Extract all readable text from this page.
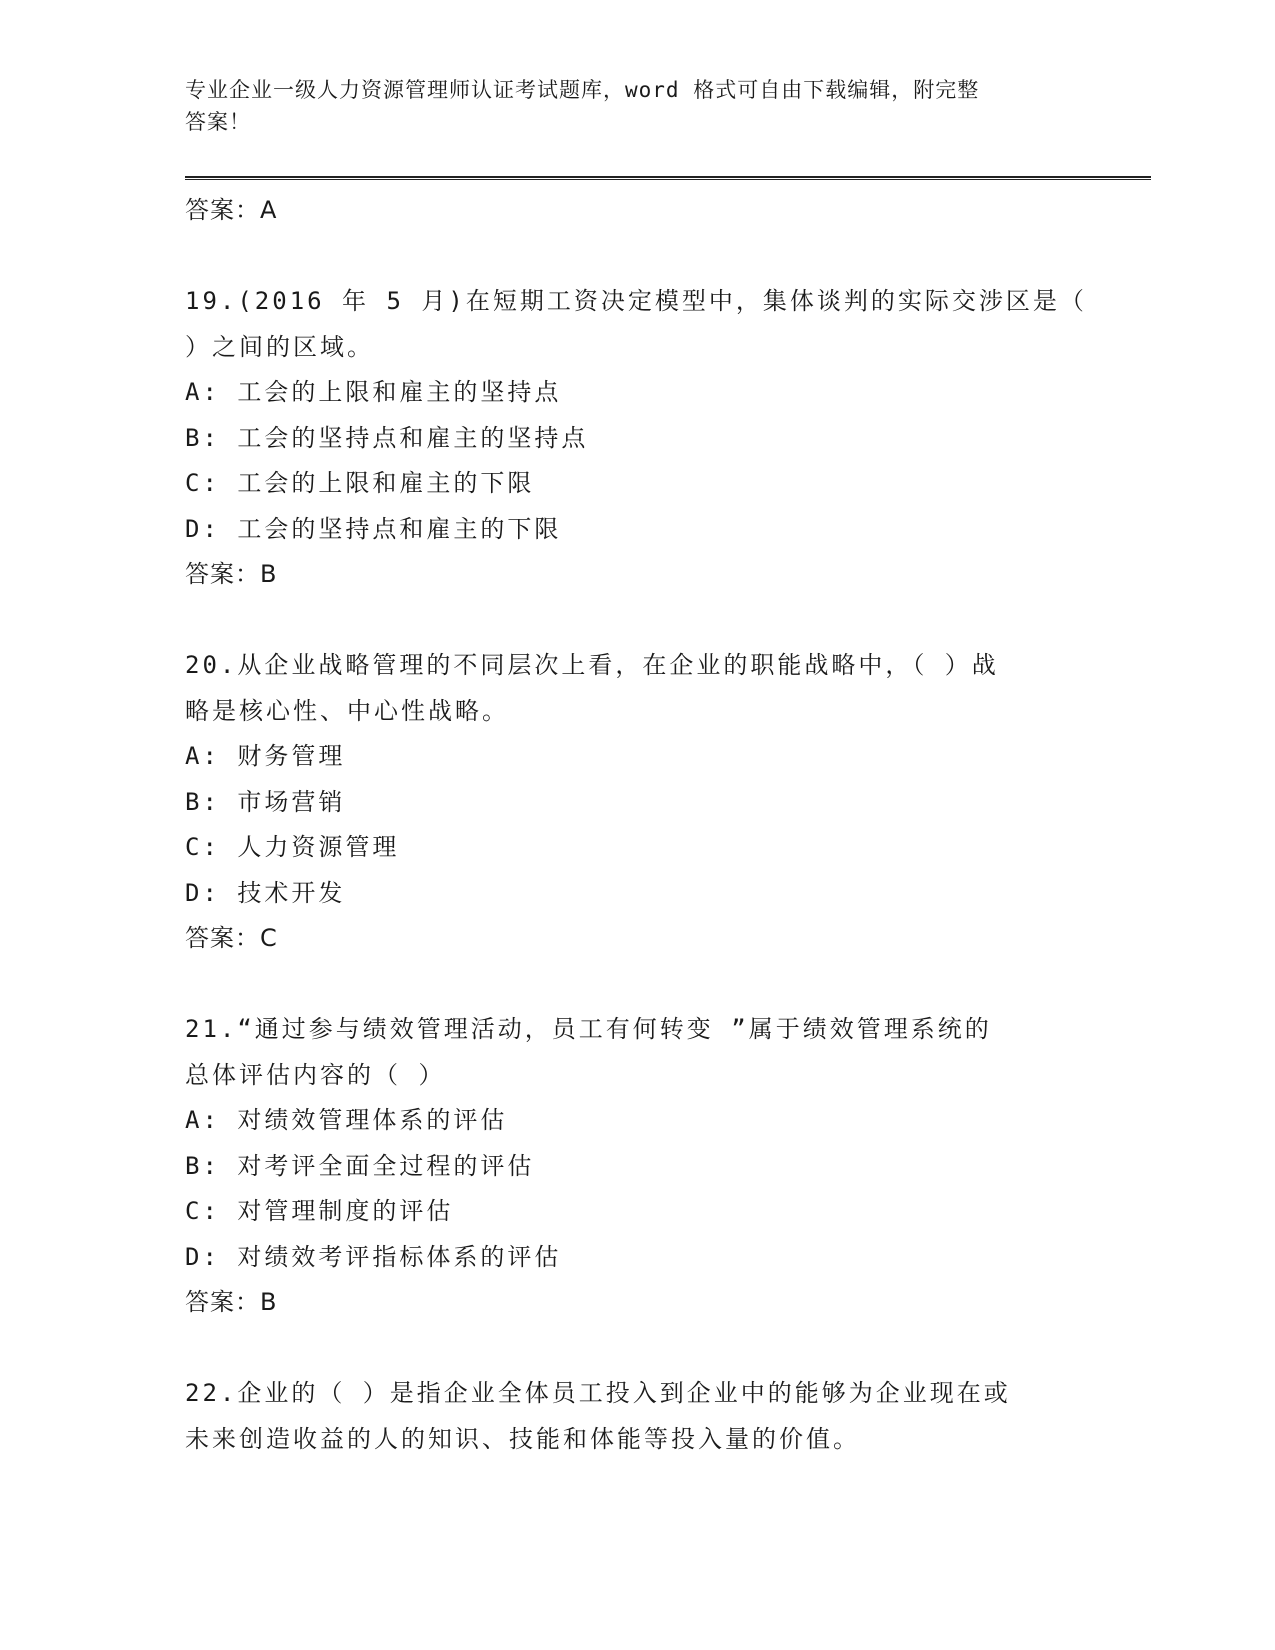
专业企业一级人力资源管理师认证考试题库，word 格式可自由下载编辑，附完整
答案！
答案：A
19.(2016 年 5 月)在短期工资决定模型中，集体谈判的实际交涉区是（
）之间的区域。
A: 工会的上限和雇主的坚持点
B: 工会的坚持点和雇主的坚持点
C: 工会的上限和雇主的下限
D: 工会的坚持点和雇主的下限
答案：B
20.从企业战略管理的不同层次上看，在企业的职能战略中，（ ）战
略是核心性、中心性战略。
A: 财务管理
B: 市场营销
C: 人力资源管理
D: 技术开发
答案：C
21.“通过参与绩效管理活动，员工有何转变 ”属于绩效管理系统的
总体评估内容的（ ）
A: 对绩效管理体系的评估
B: 对考评全面全过程的评估
C: 对管理制度的评估
D: 对绩效考评指标体系的评估
答案：B
22.企业的（ ）是指企业全体员工投入到企业中的能够为企业现在或
未来创造收益的人的知识、技能和体能等投入量的价值。
